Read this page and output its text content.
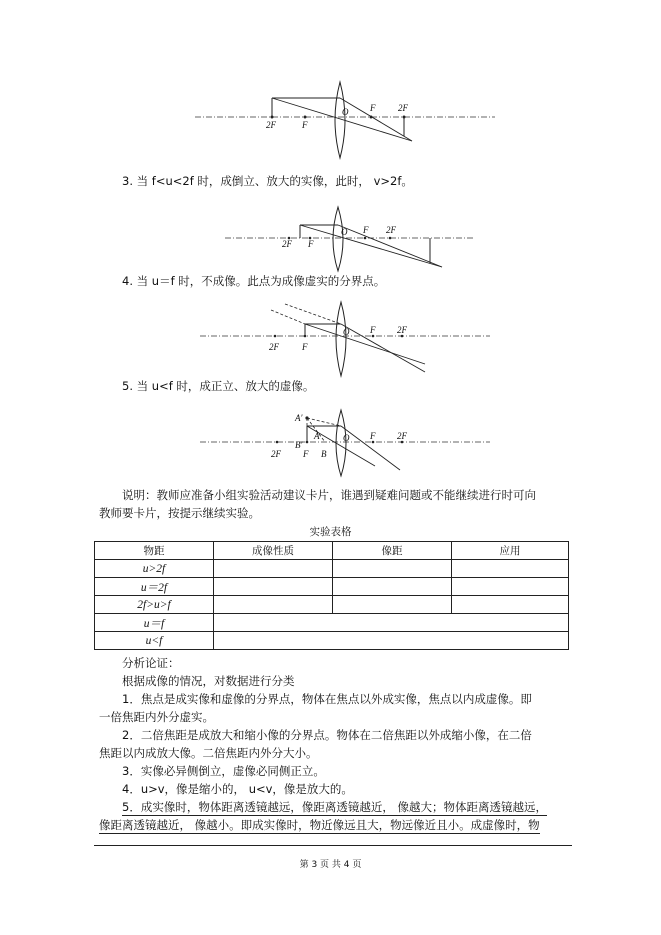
2F	F
O F	2F
3. 当 f<u<2f 时，成倒立、放大的实像，此时， v>2f。
2F F
O F 2F
4. 当 u＝f 时，不成像。此点为成像虚实的分界点。
2F	F
O F 2F
5. 当 u<f 时，成正立、放大的虚像。
A′
B′
A
B
2F F
O F 2F
说明：教师应准备小组实验活动建议卡片，谁遇到疑难问题或不能继续进行时可向
教师要卡片，按提示继续实验。
实验表格
物距	成像性质	像距	应用
u>2f			
u＝2f			
2f>u>f			
u＝f			
u<f			
分析论证：
根据成像的情况，对数据进行分类
1．焦点是成实像和虚像的分界点，物体在焦点以外成实像，焦点以内成虚像。即
一倍焦距内外分虚实。
2．二倍焦距是成放大和缩小像的分界点。物体在二倍焦距以外成缩小像，在二倍
焦距以内成放大像。二倍焦距内外分大小。
3．实像必异侧倒立，虚像必同侧正立。
4．u>v，像是缩小的， u<v，像是放大的。
5．成实像时，物体距离透镜越远，像距离透镜越近， 像越大；物体距离透镜越远，
像距离透镜越近， 像越小。即成实像时，物近像远且大，物远像近且小。成虚像时，物
第 3 页 共 4 页
